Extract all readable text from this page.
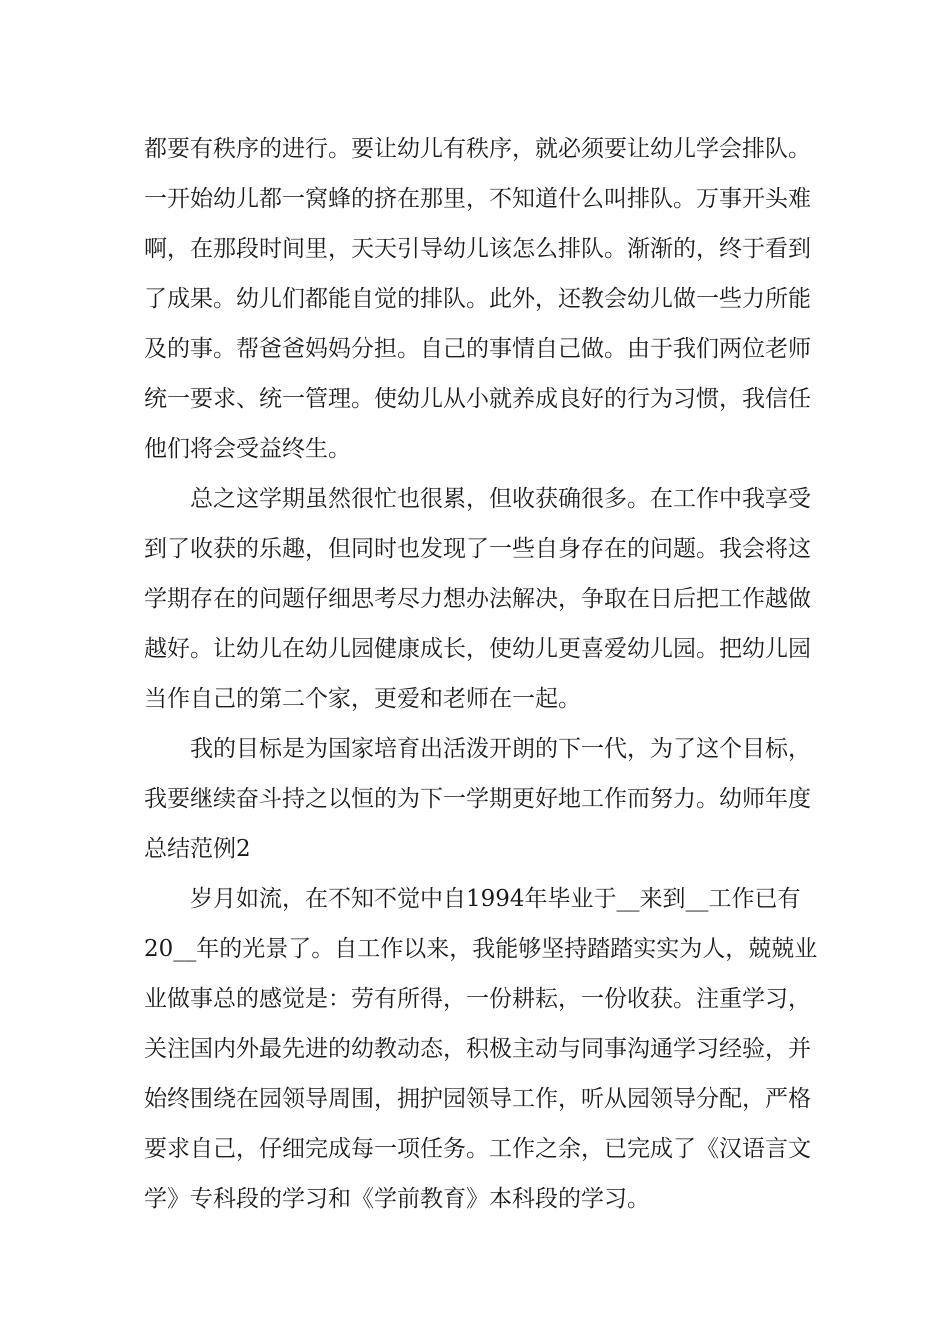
都要有秩序的进行。要让幼儿有秩序，就必须要让幼儿学会排队。
一开始幼儿都一窝蜂的挤在那里，不知道什么叫排队。万事开头难
啊，在那段时间里，天天引导幼儿该怎么排队。渐渐的，终于看到
了成果。幼儿们都能自觉的排队。此外，还教会幼儿做一些力所能
及的事。帮爸爸妈妈分担。自己的事情自己做。由于我们两位老师
统一要求、统一管理。使幼儿从小就养成良好的行为习惯，我信任
他们将会受益终生。
　　总之这学期虽然很忙也很累，但收获确很多。在工作中我享受
到了收获的乐趣，但同时也发现了一些自身存在的问题。我会将这
学期存在的问题仔细思考尽力想办法解决，争取在日后把工作越做
越好。让幼儿在幼儿园健康成长，使幼儿更喜爱幼儿园。把幼儿园
当作自己的第二个家，更爱和老师在一起。
　　我的目标是为国家培育出活泼开朗的下一代，为了这个目标，
我要继续奋斗持之以恒的为下一学期更好地工作而努力。幼师年度
总结范例2
　　岁月如流，在不知不觉中自1994年毕业于__来到__工作已有
20__年的光景了。自工作以来，我能够坚持踏踏实实为人，兢兢业
业做事总的感觉是：劳有所得，一份耕耘，一份收获。注重学习，
关注国内外最先进的幼教动态，积极主动与同事沟通学习经验，并
始终围绕在园领导周围，拥护园领导工作，听从园领导分配，严格
要求自己，仔细完成每一项任务。工作之余，已完成了《汉语言文
学》专科段的学习和《学前教育》本科段的学习。
